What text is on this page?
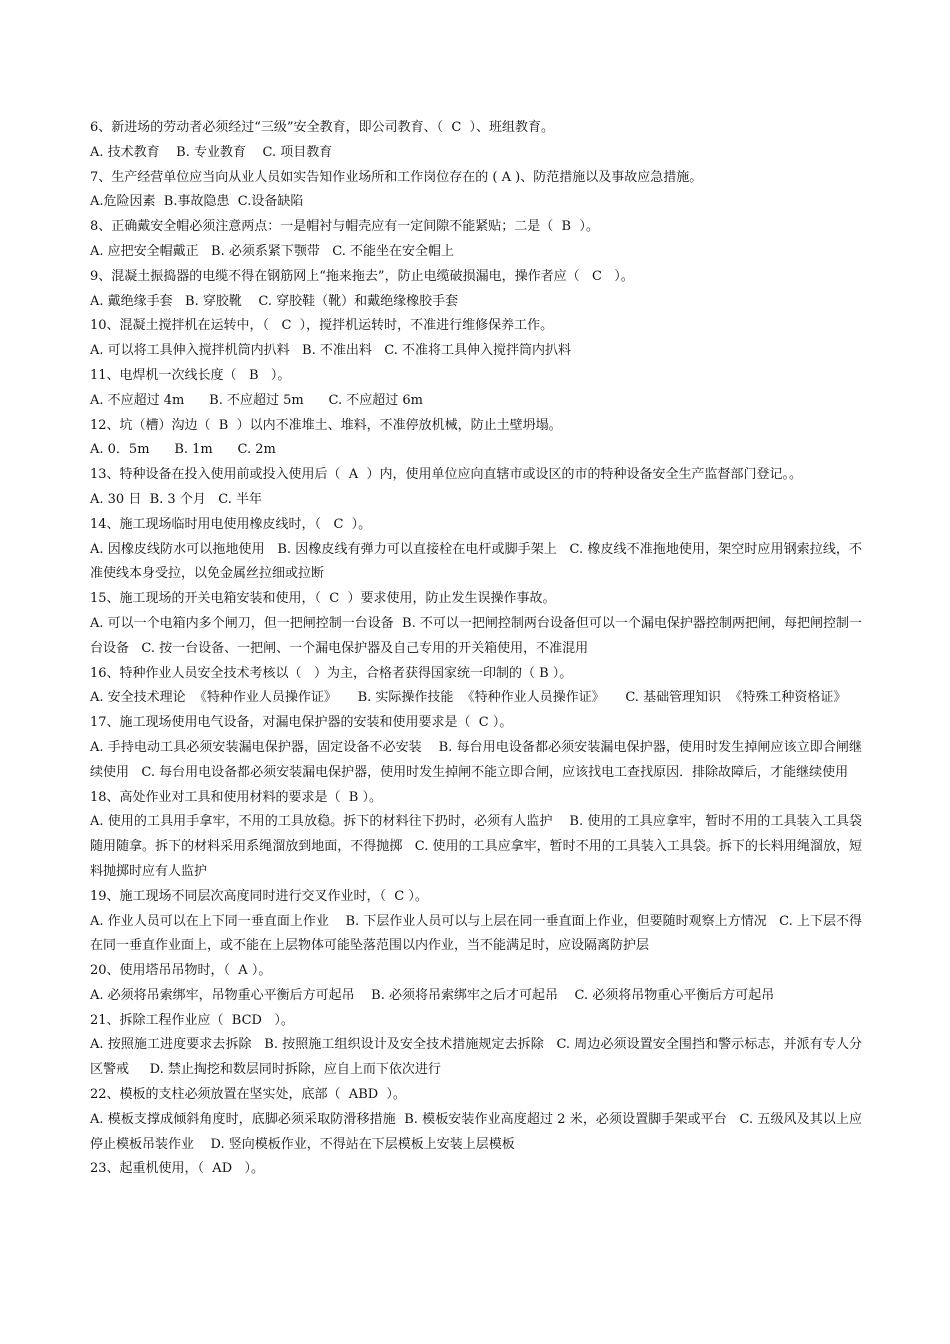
6、新进场的劳动者必须经过“三级”安全教育，即公司教育、（  C  ）、班组教育。

A. 技术教育    B. 专业教育    C. 项目教育

7、生产经营单位应当向从业人员如实告知作业场所和工作岗位存在的 ( A )、防范措施以及事故应急措施。

A.危险因素  B.事故隐患  C.设备缺陷

8、正确戴安全帽必须注意两点：一是帽衬与帽壳应有一定间隙不能紧贴；二是（  B  ）。

A. 应把安全帽戴正   B. 必须系紧下颚带   C. 不能坐在安全帽上

9、混凝土振捣器的电缆不得在钢筋网上“拖来拖去”，防止电缆破损漏电，操作者应（   C   ）。

A. 戴绝缘手套   B. 穿胶靴    C. 穿胶鞋（靴）和戴绝缘橡胶手套

10、混凝土搅拌机在运转中，（   C  ），搅拌机运转时，不准进行维修保养工作。

A. 可以将工具伸入搅拌机筒内扒料   B. 不准出料   C. 不准将工具伸入搅拌筒内扒料

11、电焊机一次线长度（   B   ）。

A. 不应超过 4m      B. 不应超过 5m      C. 不应超过 6m

12、坑（槽）沟边（  B  ）以内不准堆土、堆料，不准停放机械，防止土壁坍塌。

A. 0．5m      B. 1m      C. 2m

13、特种设备在投入使用前或投入使用后（  A  ）内，使用单位应向直辖市或设区的市的特种设备安全生产监督部门登记。。

A. 30 日  B. 3 个月   C. 半年

14、施工现场临时用电使用橡皮线时，（   C  ）。

A. 因橡皮线防水可以拖地使用   B. 因橡皮线有弹力可以直接栓在电杆或脚手架上   C. 橡皮线不准拖地使用，架空时应用钢索拉线，不准使线本身受拉，以免金属丝拉细或拉断

15、施工现场的开关电箱安装和使用，（  C  ）要求使用，防止发生误操作事故。

A. 可以一个电箱内多个闸刀，但一把闸控制一台设备  B. 不可以一把闸控制两台设备但可以一个漏电保护器控制两把闸，每把闸控制一台设备   C. 按一台设备、一把闸、一个漏电保护器及自己专用的开关箱使用，不准混用

16、特种作业人员安全技术考核以（   ）为主，合格者获得国家统一印制的（ B ）。

A. 安全技术理论  《特种作业人员操作证》     B. 实际操作技能  《特种作业人员操作证》     C. 基础管理知识  《特殊工种资格证》

17、施工现场使用电气设备，对漏电保护器的安装和使用要求是（  C ）。

A. 手持电动工具必须安装漏电保护器，固定设备不必安装    B. 每台用电设备都必须安装漏电保护器，使用时发生掉闸应该立即合闸继续使用   C. 每台用电设备都必须安装漏电保护器，使用时发生掉闸不能立即合闸，应该找电工查找原因．排除故障后，才能继续使用

18、高处作业对工具和使用材料的要求是（  B ）。

A. 使用的工具用手拿牢，不用的工具放稳。拆下的材料往下扔时，必须有人监护    B. 使用的工具应拿牢，暂时不用的工具装入工具袋随用随拿。拆下的材料采用系绳溜放到地面，不得抛掷   C. 使用的工具应拿牢，暂时不用的工具装入工具袋。拆下的长料用绳溜放，短料抛掷时应有人监护

19、施工现场不同层次高度同时进行交叉作业时，（  C ）。

A. 作业人员可以在上下同一垂直面上作业    B. 下层作业人员可以与上层在同一垂直面上作业，但要随时观察上方情况   C. 上下层不得在同一垂直作业面上，或不能在上层物体可能坠落范围以内作业，当不能满足时，应设隔离防护层

20、使用塔吊吊物时，（  A ）。

A. 必须将吊索绑牢，吊物重心平衡后方可起吊    B. 必须将吊索绑牢之后才可起吊    C. 必须将吊物重心平衡后方可起吊

21、拆除工程作业应（  BCD   ）。

A. 按照施工进度要求去拆除   B. 按照施工组织设计及安全技术措施规定去拆除   C. 周边必须设置安全围挡和警示标志，并派有专人分区警戒     D. 禁止掏挖和数层同时拆除，应自上而下依次进行

22、模板的支柱必须放置在坚实处，底部（  ABD  ）。

A. 模板支撑成倾斜角度时，底脚必须采取防滑移措施  B. 模板安装作业高度超过 2 米，必须设置脚手架或平台   C. 五级风及其以上应停止模板吊装作业    D. 竖向模板作业，不得站在下层模板上安装上层模板

23、起重机使用，（  AD   ）。
